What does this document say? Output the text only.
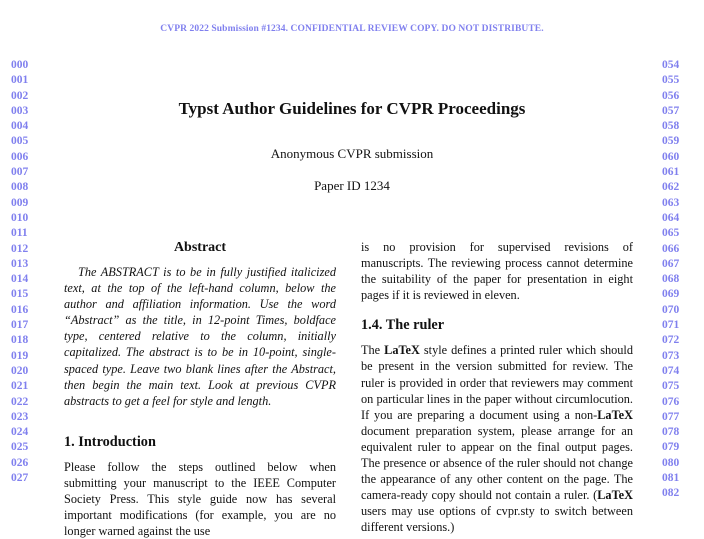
CVPR 2022 Submission #1234. CONFIDENTIAL REVIEW COPY. DO NOT DISTRIBUTE.
000
001
002
003
004
005
006
007
008
009
010
011
012
013
014
015
016
017
018
019
020
021
022
023
024
025
026
027
054
055
056
057
058
059
060
061
062
063
064
065
066
067
068
069
070
071
072
073
074
075
076
077
078
079
080
081
082
Typst Author Guidelines for CVPR Proceedings
Anonymous CVPR submission
Paper ID 1234
Abstract

The ABSTRACT is to be in fully justified italicized text, at the top of the left-hand column, below the author and affiliation information. Use the word “Abstract” as the title, in 12-point Times, boldface type, centered relative to the column, initially capitalized. The abstract is to be in 10-point, single-spaced type. Leave two blank lines after the Abstract, then begin the main text. Look at previous CVPR abstracts to get a feel for style and length.

1. Introduction

Please follow the steps outlined below when submitting your manuscript to the IEEE Computer Society Press. This style guide now has several important modifications (for example, you are no longer warned against the use

is no provision for supervised revisions of manuscripts. The reviewing process cannot determine the suitability of the paper for presentation in eight pages if it is reviewed in eleven.

1.4. The ruler

The LaTeX style defines a printed ruler which should be present in the version submitted for review. The ruler is provided in order that reviewers may comment on particular lines in the paper without circumlocution. If you are preparing a document using a non-LaTeX document preparation system, please arrange for an equivalent ruler to appear on the final output pages. The presence or absence of the ruler should not change the appearance of any other content on the page. The camera-ready copy should not contain a ruler. (LaTeX users may use options of cvpr.sty to switch between different versions.)
